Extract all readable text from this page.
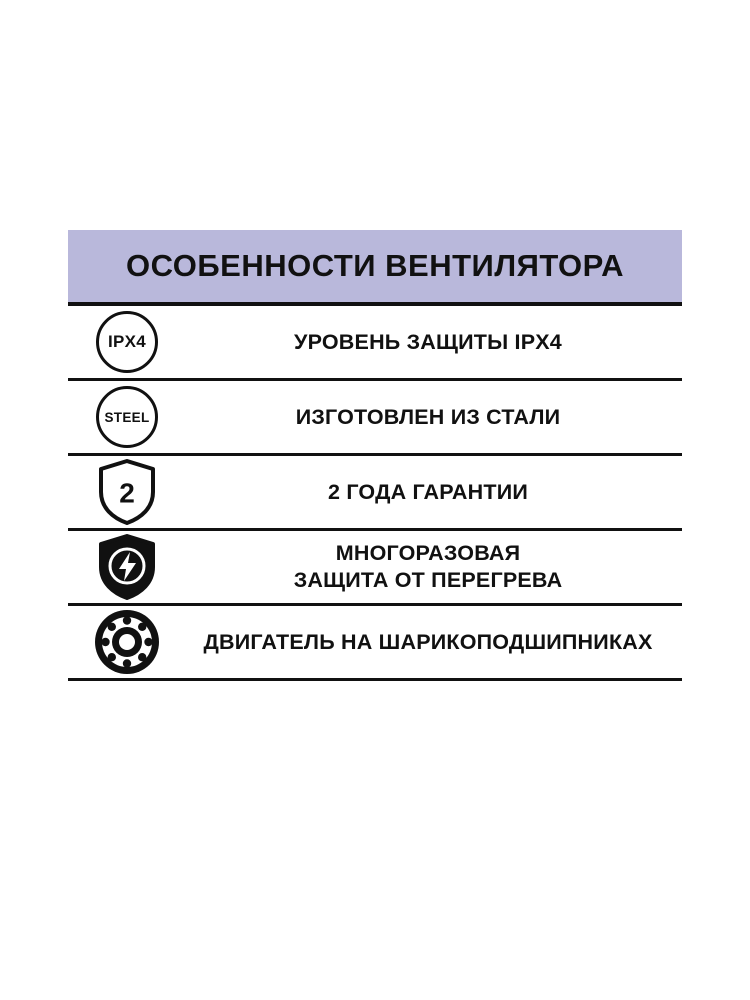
ОСОБЕННОСТИ ВЕНТИЛЯТОРА
IPX4	УРОВЕНЬ ЗАЩИТЫ IPX4
STEEL	ИЗГОТОВЛЕН ИЗ СТАЛИ
2	2 ГОДА ГАРАНТИИ
МНОГОРАЗОВАЯ
ЗАЩИТА ОТ ПЕРЕГРЕВА
ДВИГАТЕЛЬ НА ШАРИКОПОДШИПНИКАХ
